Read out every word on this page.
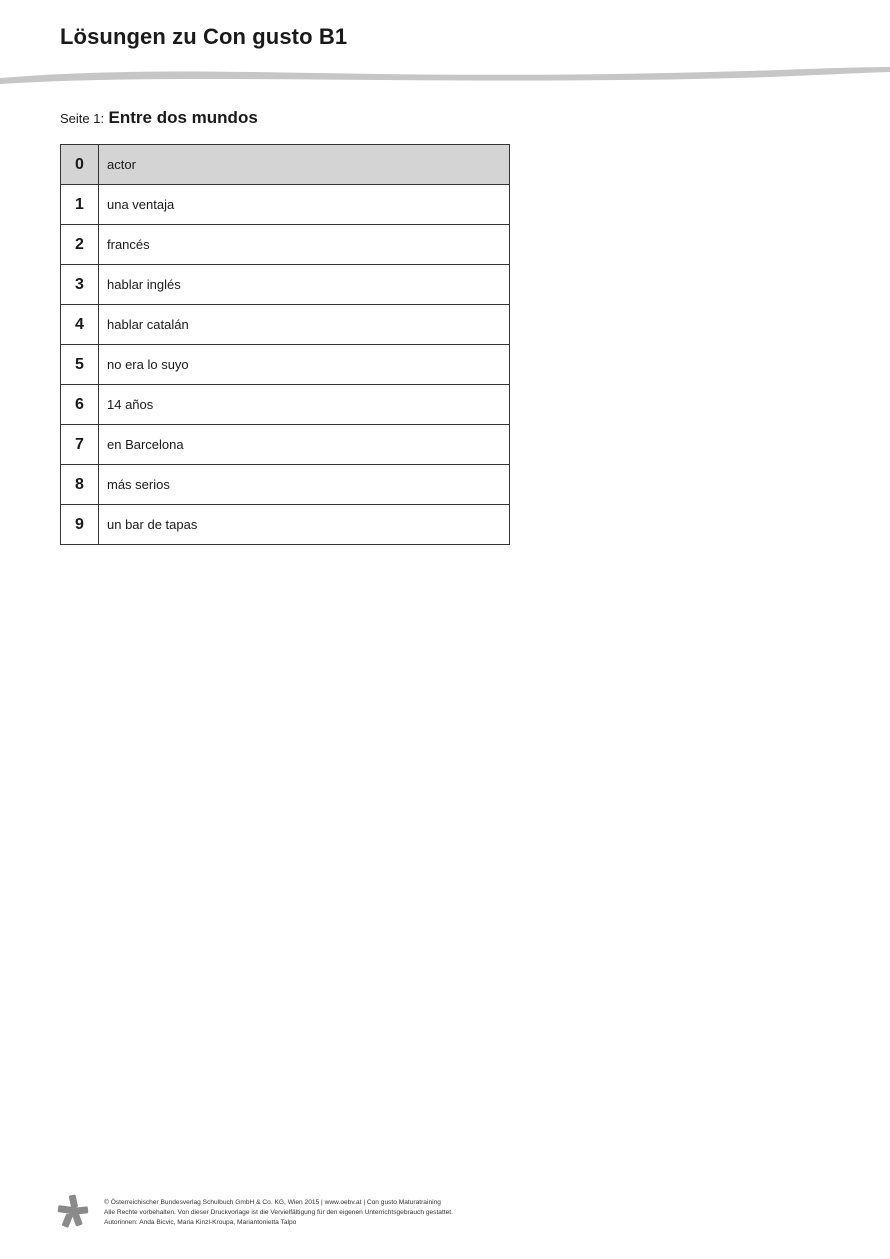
Lösungen zu Con gusto B1
Seite 1: Entre dos mundos
0	actor
1	una ventaja
2	francés
3	hablar inglés
4	hablar catalán
5	no era lo suyo
6	14 años
7	en Barcelona
8	más serios
9	un bar de tapas
© Österreichischer Bundesverlag Schulbuch GmbH & Co. KG, Wien 2015 | www.oebv.at | Con gusto Maturatraining
Alle Rechte vorbehalten. Von dieser Druckvorlage ist die Vervielfältigung für den eigenen Unterrichtsgebrauch gestattet.
Autorinnen: Anda Bicvic, Maria Kinzl-Kroupa, Mariantonietta Talpo
